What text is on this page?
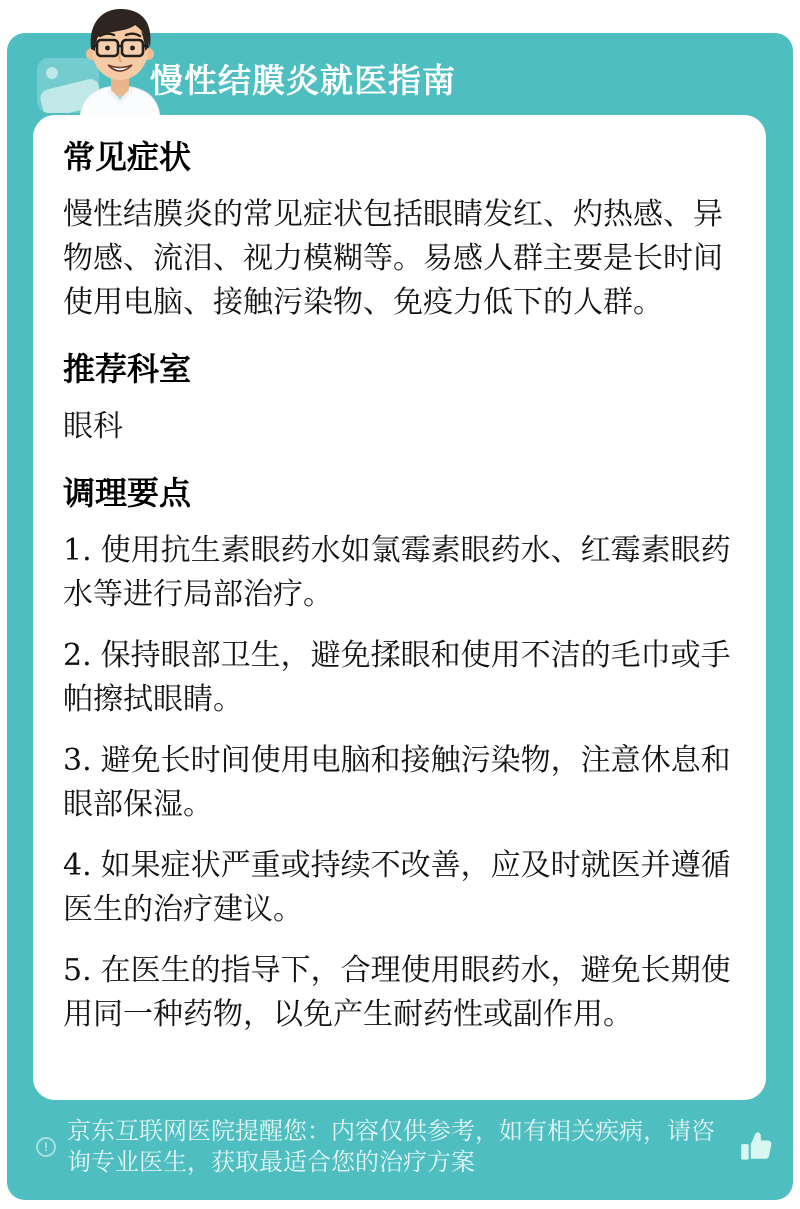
慢性结膜炎就医指南
常见症状

慢性结膜炎的常见症状包括眼睛发红、灼热感、异物感、流泪、视力模糊等。易感人群主要是长时间使用电脑、接触污染物、免疫力低下的人群。

推荐科室

眼科

调理要点

1. 使用抗生素眼药水如氯霉素眼药水、红霉素眼药水等进行局部治疗。

2. 保持眼部卫生，避免揉眼和使用不洁的毛巾或手帕擦拭眼睛。

3. 避免长时间使用电脑和接触污染物，注意休息和眼部保湿。

4. 如果症状严重或持续不改善，应及时就医并遵循医生的治疗建议。

5. 在医生的指导下，合理使用眼药水，避免长期使用同一种药物，以免产生耐药性或副作用。

!

京东互联网医院提醒您：内容仅供参考，如有相关疾病，请咨询专业医生，获取最适合您的治疗方案
